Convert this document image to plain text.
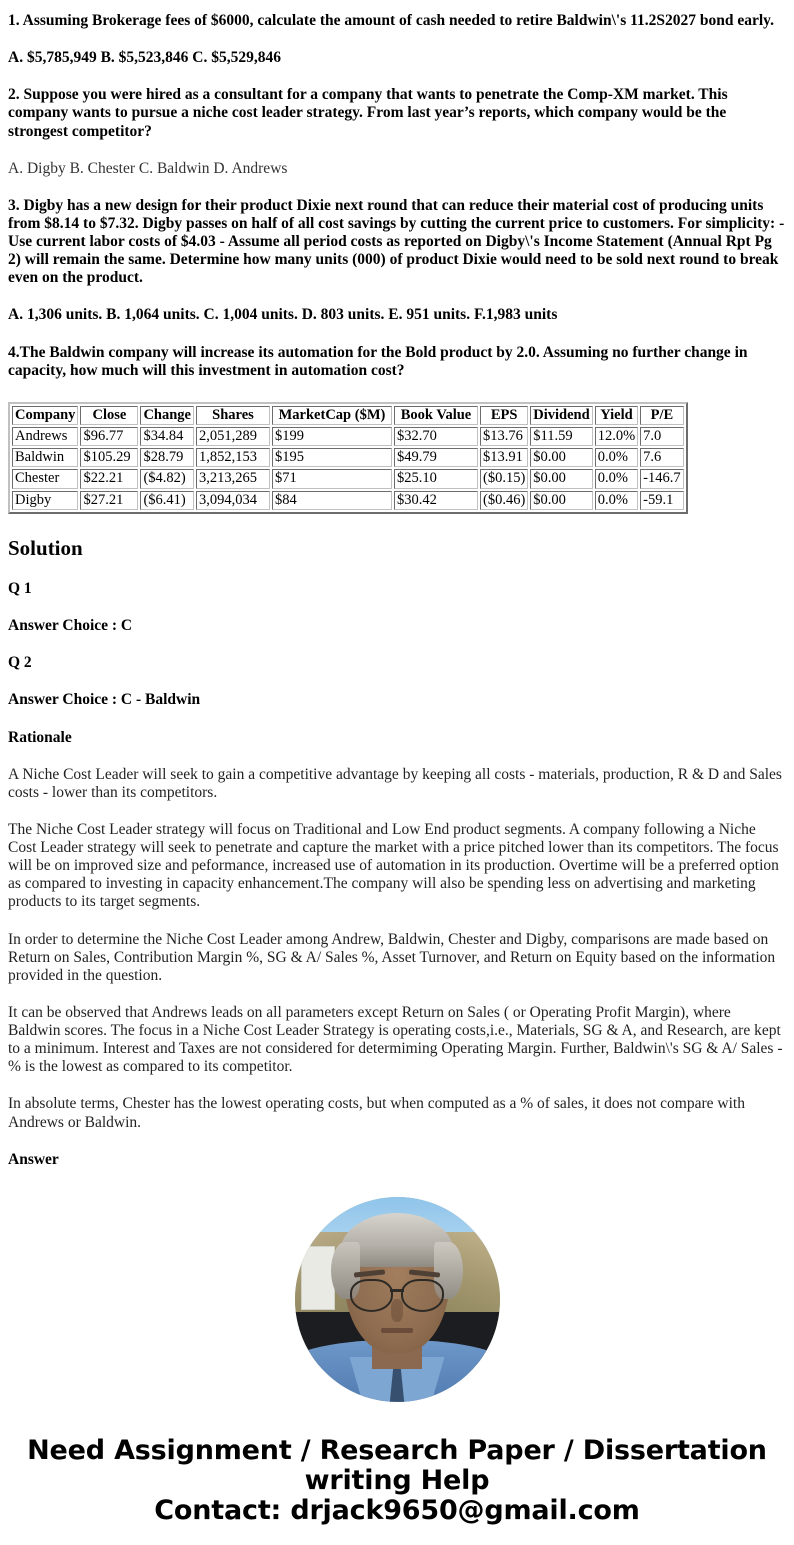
1. Assuming Brokerage fees of $6000, calculate the amount of cash needed to retire Baldwin\'s 11.2S2027 bond early.

A. $5,785,949 B. $5,523,846 C. $5,529,846

2. Suppose you were hired as a consultant for a company that wants to penetrate the Comp-XM market. This company wants to pursue a niche cost leader strategy. From last year’s reports, which company would be the strongest competitor?

A. Digby B. Chester C. Baldwin D. Andrews

3. Digby has a new design for their product Dixie next round that can reduce their material cost of producing units from $8.14 to $7.32. Digby passes on half of all cost savings by cutting the current price to customers. For simplicity: - Use current labor costs of $4.03 - Assume all period costs as reported on Digby\'s Income Statement (Annual Rpt Pg 2) will remain the same. Determine how many units (000) of product Dixie would need to be sold next round to break even on the product.

A. 1,306 units. B. 1,064 units. C. 1,004 units. D. 803 units. E. 951 units. F.1,983 units

4.The Baldwin company will increase its automation for the Bold product by 2.0. Assuming no further change in capacity, how much will this investment in automation cost?

Company	Close	Change	Shares	MarketCap ($M)	Book Value	EPS	Dividend	Yield	P/E
Andrews	$96.77	$34.84	2,051,289	$199	$32.70	$13.76	$11.59	12.0%	7.0
Baldwin	$105.29	$28.79	1,852,153	$195	$49.79	$13.91	$0.00	0.0%	7.6
Chester	$22.21	($4.82)	3,213,265	$71	$25.10	($0.15)	$0.00	0.0%	-146.7
Digby	$27.21	($6.41)	3,094,034	$84	$30.42	($0.46)	$0.00	0.0%	-59.1
Solution

Q 1

Answer Choice : C

Q 2

Answer Choice : C - Baldwin

Rationale

A Niche Cost Leader will seek to gain a competitive advantage by keeping all costs - materials, production, R & D and Sales costs - lower than its competitors.

The Niche Cost Leader strategy will focus on Traditional and Low End product segments. A company following a Niche Cost Leader strategy will seek to penetrate and capture the market with a price pitched lower than its competitors. The focus will be on improved size and peformance, increased use of automation in its production. Overtime will be a preferred option as compared to investing in capacity enhancement.The company will also be spending less on advertising and marketing products to its target segments.

In order to determine the Niche Cost Leader among Andrew, Baldwin, Chester and Digby, comparisons are made based on Return on Sales, Contribution Margin %, SG & A/ Sales %, Asset Turnover, and Return on Equity based on the information provided in the question.

It can be observed that Andrews leads on all parameters except Return on Sales ( or Operating Profit Margin), where Baldwin scores. The focus in a Niche Cost Leader Strategy is operating costs,i.e., Materials, SG & A, and Research, are kept to a minimum. Interest and Taxes are not considered for determiming Operating Margin. Further, Baldwin\'s SG & A/ Sales - % is the lowest as compared to its competitor.

In absolute terms, Chester has the lowest operating costs, but when computed as a % of sales, it does not compare with Andrews or Baldwin.

Answer

Need Assignment / Research Paper / Dissertation
writing Help
Contact: drjack9650@gmail.com
